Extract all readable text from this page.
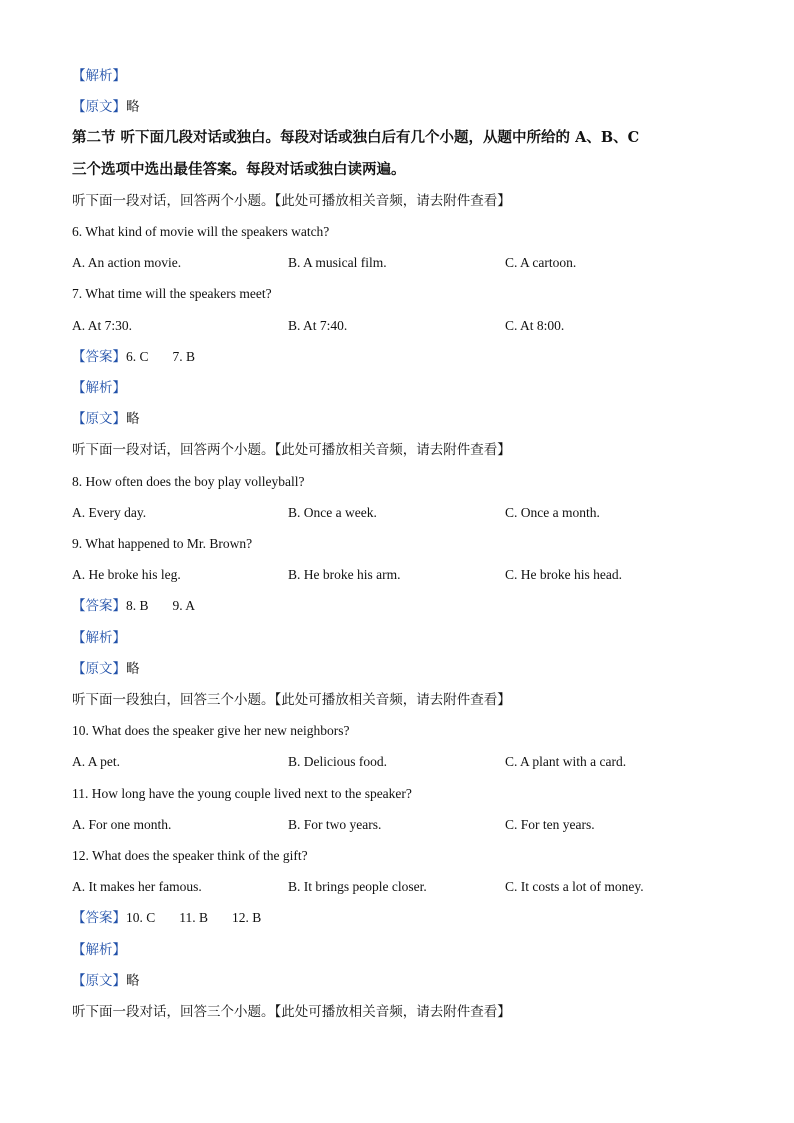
【解析】
【原文】略
第二节 听下面几段对话或独白。每段对话或独白后有几个小题，从题中所给的 A、B、C
三个选项中选出最佳答案。每段对话或独白读两遍。
听下面一段对话，回答两个小题。【此处可播放相关音频，请去附件查看】
6. What kind of movie will the speakers watch?
A. An action movie.	B. A musical film.	C. A cartoon.
7. What time will the speakers meet?
A. At 7:30.	B. At 7:40.	C. At 8:00.
【答案】6. C 7. B
【解析】
【原文】略
听下面一段对话，回答两个小题。【此处可播放相关音频，请去附件查看】
8. How often does the boy play volleyball?
A. Every day.	B. Once a week.	C. Once a month.
9. What happened to Mr. Brown?
A. He broke his leg.	B. He broke his arm.	C. He broke his head.
【答案】8. B 9. A
【解析】
【原文】略
听下面一段独白，回答三个小题。【此处可播放相关音频，请去附件查看】
10. What does the speaker give her new neighbors?
A. A pet.	B. Delicious food.	C. A plant with a card.
11. How long have the young couple lived next to the speaker?
A. For one month.	B. For two years.	C. For ten years.
12. What does the speaker think of the gift?
A. It makes her famous.	B. It brings people closer.	C. It costs a lot of money.
【答案】10. C 11. B 12. B
【解析】
【原文】略
听下面一段对话，回答三个小题。【此处可播放相关音频，请去附件查看】
